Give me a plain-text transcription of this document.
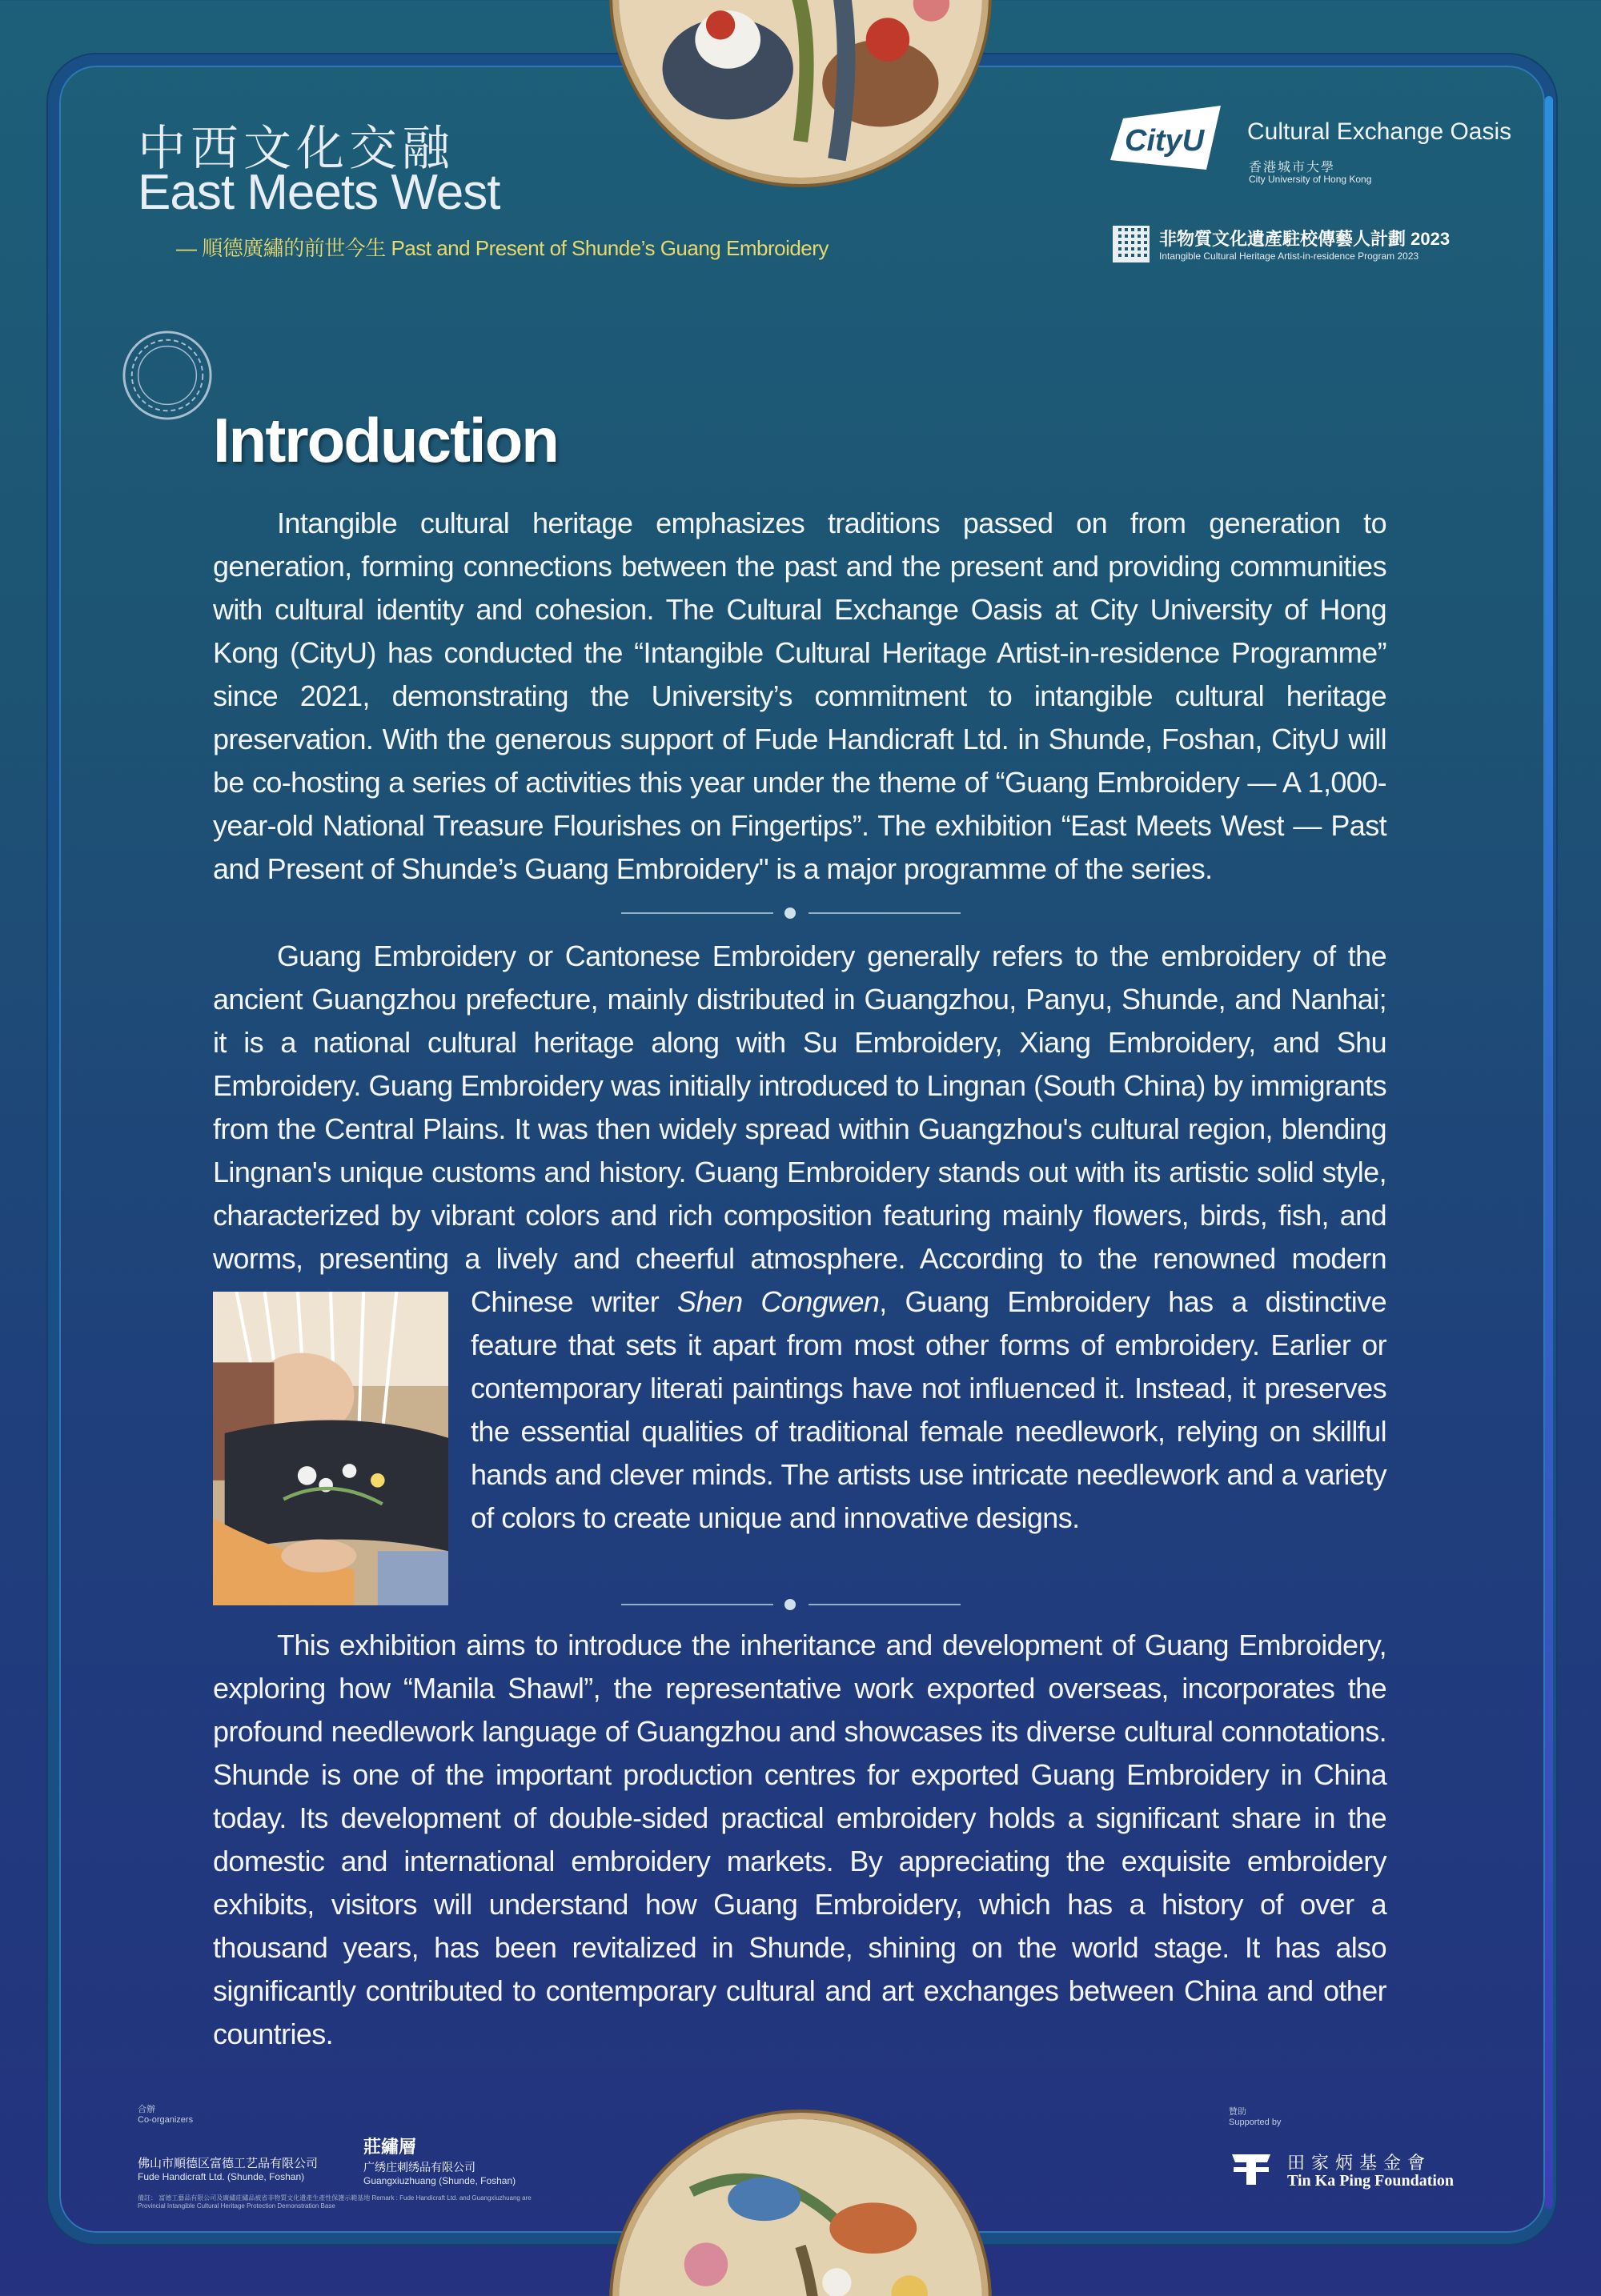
中西文化交融
East Meets West
— 順德廣繡的前世今生 Past and Present of Shunde’s Guang Embroidery
CityU Cultural Exchange Oasis
香港城市大學
City University of Hong Kong
非物質文化遺產駐校傳藝人計劃 2023
Intangible Cultural Heritage Artist-in-residence Program 2023
Introduction

Intangible cultural heritage emphasizes traditions passed on from generation to generation, forming connections between the past and the present and providing communities with cultural identity and cohesion. The Cultural Exchange Oasis at City University of Hong Kong (CityU) has conducted the “Intangible Cultural Heritage Artist-in-residence Programme” since 2021, demonstrating the University’s commitment to intangible cultural heritage preservation. With the generous support of Fude Handicraft Ltd. in Shunde, Foshan, CityU will be co-hosting a series of activities this year under the theme of “Guang Embroidery — A 1,000-year-old National Treasure Flourishes on Fingertips”. The exhibition “East Meets West — Past and Present of Shunde’s Guang Embroidery" is a major programme of the series.

Guang Embroidery or Cantonese Embroidery generally refers to the embroidery of the ancient Guangzhou prefecture, mainly distributed in Guangzhou, Panyu, Shunde, and Nanhai; it is a national cultural heritage along with Su Embroidery, Xiang Embroidery, and Shu Embroidery. Guang Embroidery was initially introduced to Lingnan (South China) by immigrants from the Central Plains. It was then widely spread within Guangzhou's cultural region, blending Lingnan's unique customs and history. Guang Embroidery stands out with its artistic solid style, characterized by vibrant colors and rich composition featuring mainly flowers, birds, fish, and worms, presenting a lively and cheerful atmosphere. According to the renowned modern Chinese writer
Shen Congwen, Guang Embroidery has a distinctive feature that sets it apart from most other forms of embroidery. Earlier or contemporary literati paintings have not influenced it. Instead, it preserves the essential qualities of traditional female needlework, relying on skillful hands and clever minds. The artists use intricate needlework and a variety of colors to create unique and innovative designs.

This exhibition aims to introduce the inheritance and development of Guang Embroidery, exploring how “Manila Shawl”, the representative work exported overseas, incorporates the profound needlework language of Guangzhou and showcases its diverse cultural connotations. Shunde is one of the important production centres for exported Guang Embroidery in China today. Its development of double-sided practical embroidery holds a significant share in the domestic and international embroidery markets. By appreciating the exquisite embroidery exhibits, visitors will understand how Guang Embroidery, which has a history of over a thousand years, has been revitalized in Shunde, shining on the world stage. It has also significantly contributed to contemporary cultural and art exchanges between China and other countries.

合辦
Co-organizers
佛山市順德区富德工艺品有限公司
Fude Handicraft Ltd. (Shunde, Foshan)
莊繡層
广绣庄刺绣品有限公司
Guangxiuzhuang (Shunde, Foshan)
備註： 富德工藝品有限公司及廣繡莊繡品被省非物質文化遺產生產性保護示範基地 Remark : Fude Handicraft Ltd. and Guangxiuzhuang are Provincial Intangible Cultural Heritage Protection Demonstration Base
贊助
Supported by
田家炳基金會
Tin Ka Ping Foundation
